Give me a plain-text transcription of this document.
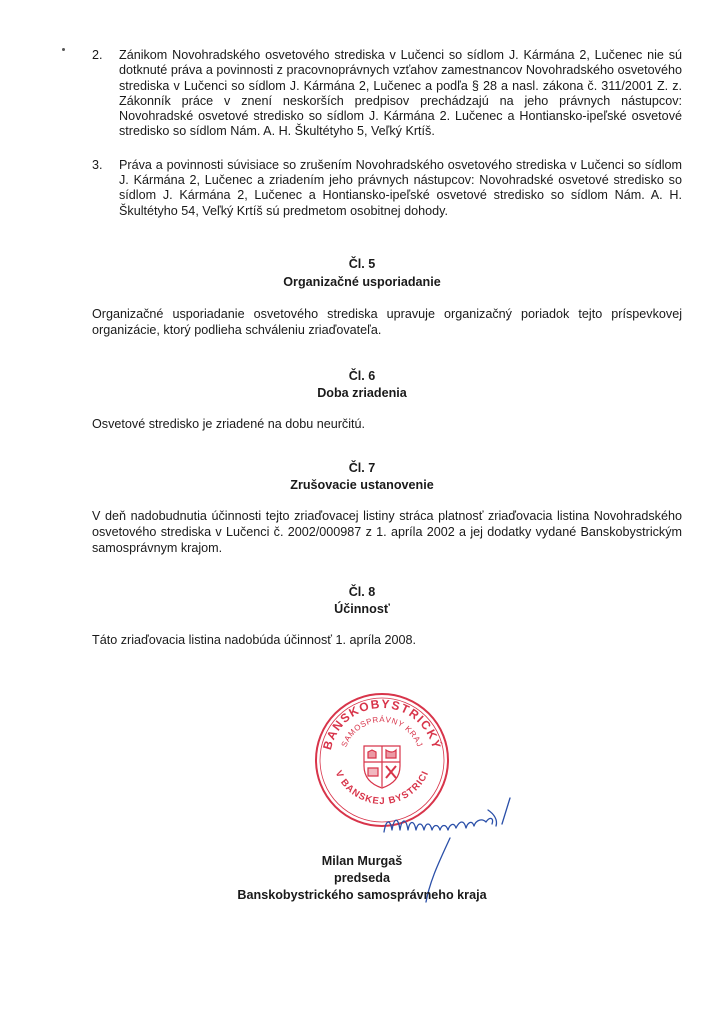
2. Zánikom Novohradského osvetového strediska v Lučenci so sídlom J. Kármána 2, Lučenec nie sú dotknuté práva a povinnosti z pracovnoprávnych vzťahov zamestnancov Novohradského osvetového strediska v Lučenci so sídlom J. Kármána 2, Lučenec a podľa § 28 a nasl. zákona č. 311/2001 Z. z. Zákonník práce v znení neskorších predpisov prechádzajú na jeho právnych nástupcov: Novohradské osvetové stredisko so sídlom J. Kármána 2. Lučenec a Hontiansko-ipeľské osvetové stredisko so sídlom Nám. A. H. Škultétyho 5, Veľký Krtíš.
3. Práva a povinnosti súvisiace so zrušením Novohradského osvetového strediska v Lučenci so sídlom J. Kármána 2, Lučenec a zriadením jeho právnych nástupcov: Novohradské osvetové stredisko so sídlom J. Kármána 2, Lučenec a Hontiansko-ipeľské osvetové stredisko so sídlom Nám. A. H. Škultétyho 54, Veľký Krtíš sú predmetom osobitnej dohody.
Čl. 5
Organizačné usporiadanie
Organizačné usporiadanie osvetového strediska upravuje organizačný poriadok tejto príspevkovej organizácie, ktorý podlieha schváleniu zriaďovateľa.
Čl. 6
Doba zriadenia
Osvetové stredisko je zriadené na dobu neurčitú.
Čl. 7
Zrušovacie ustanovenie
V deň nadobudnutia účinnosti tejto zriaďovacej listiny stráca platnosť zriaďovacia listina Novohradského osvetového strediska v Lučenci č. 2002/000987 z 1. apríla 2002 a jej dodatky vydané Banskobystrickým samosprávnym krajom.
Čl. 8
Účinnosť
Táto zriaďovacia listina nadobúda účinnosť 1. apríla 2008.
BANSKOBYSTRICKÝ
SAMOSPRÁVNY KRAJ
V BANSKEJ BYSTRICI
Milan Murgaš
predseda
Banskobystrického samosprávneho kraja
